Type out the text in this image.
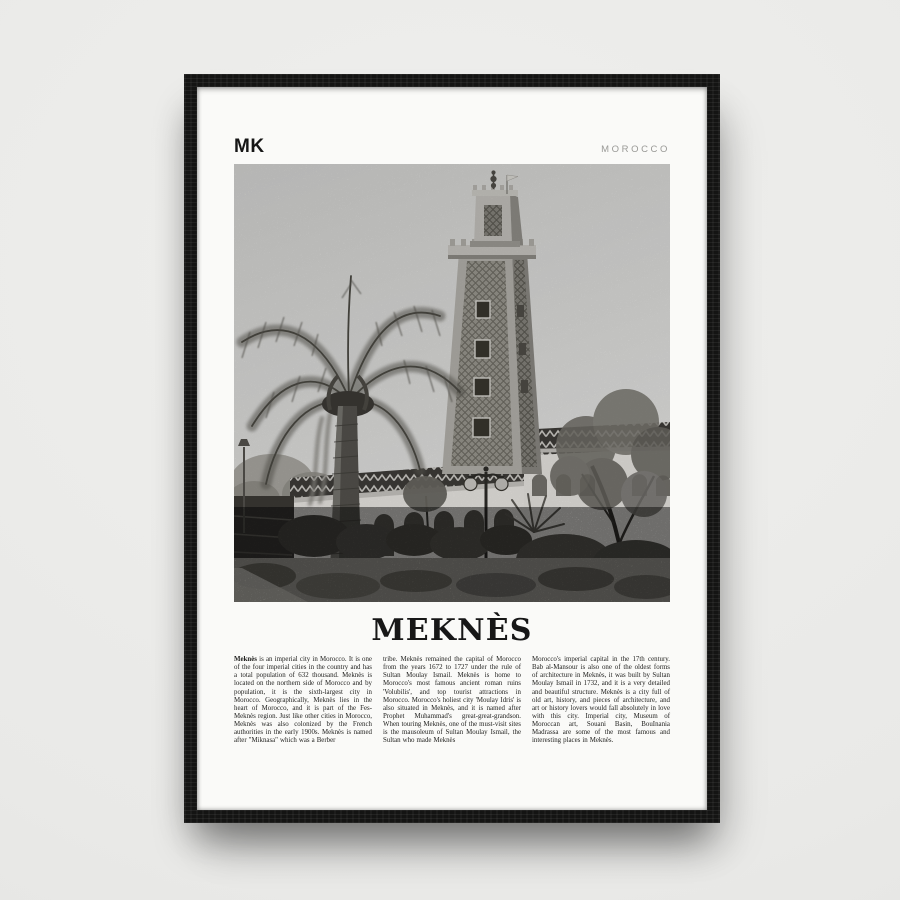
MK	MOROCCO
MEKNÈS

Meknès is an imperial city in Morocco. It is one of the four imperial cities in the country and has a total population of 632 thousand. Meknès is located on the northern side of Morocco and by population, it is the sixth-largest city in Morocco. Geographically, Meknès lies in the heart of Morocco, and it is part of the Fes-Meknès region. Just like other cities in Morocco, Meknès was also colonized by the French authorities in the early 1900s. Meknès is named after "Miknasa" which was a Berber

tribe. Meknès remained the capital of Morocco from the years 1672 to 1727 under the rule of Sultan Moulay Ismail. Meknès is home to Morocco's most famous ancient roman ruins 'Volubilis', and top tourist attractions in Morocco. Morocco's holiest city 'Moulay Idris' is also situated in Meknès, and it is named after Prophet Muhammad's great-great-grandson. When touring Meknès, one of the must-visit sites is the mausoleum of Sultan Moulay Ismail, the Sultan who made Meknès

Morocco's imperial capital in the 17th century. Bab al-Mansour is also one of the oldest forms of architecture in Meknès, it was built by Sultan Moulay Ismail in 1732, and it is a very detailed and beautiful structure. Meknès is a city full of old art, history, and pieces of architecture, and art or history lovers would fall absolutely in love with this city. Imperial city, Museum of Moroccan art, Souani Basin, BouInania Madrassa are some of the most famous and interesting places in Meknès.
